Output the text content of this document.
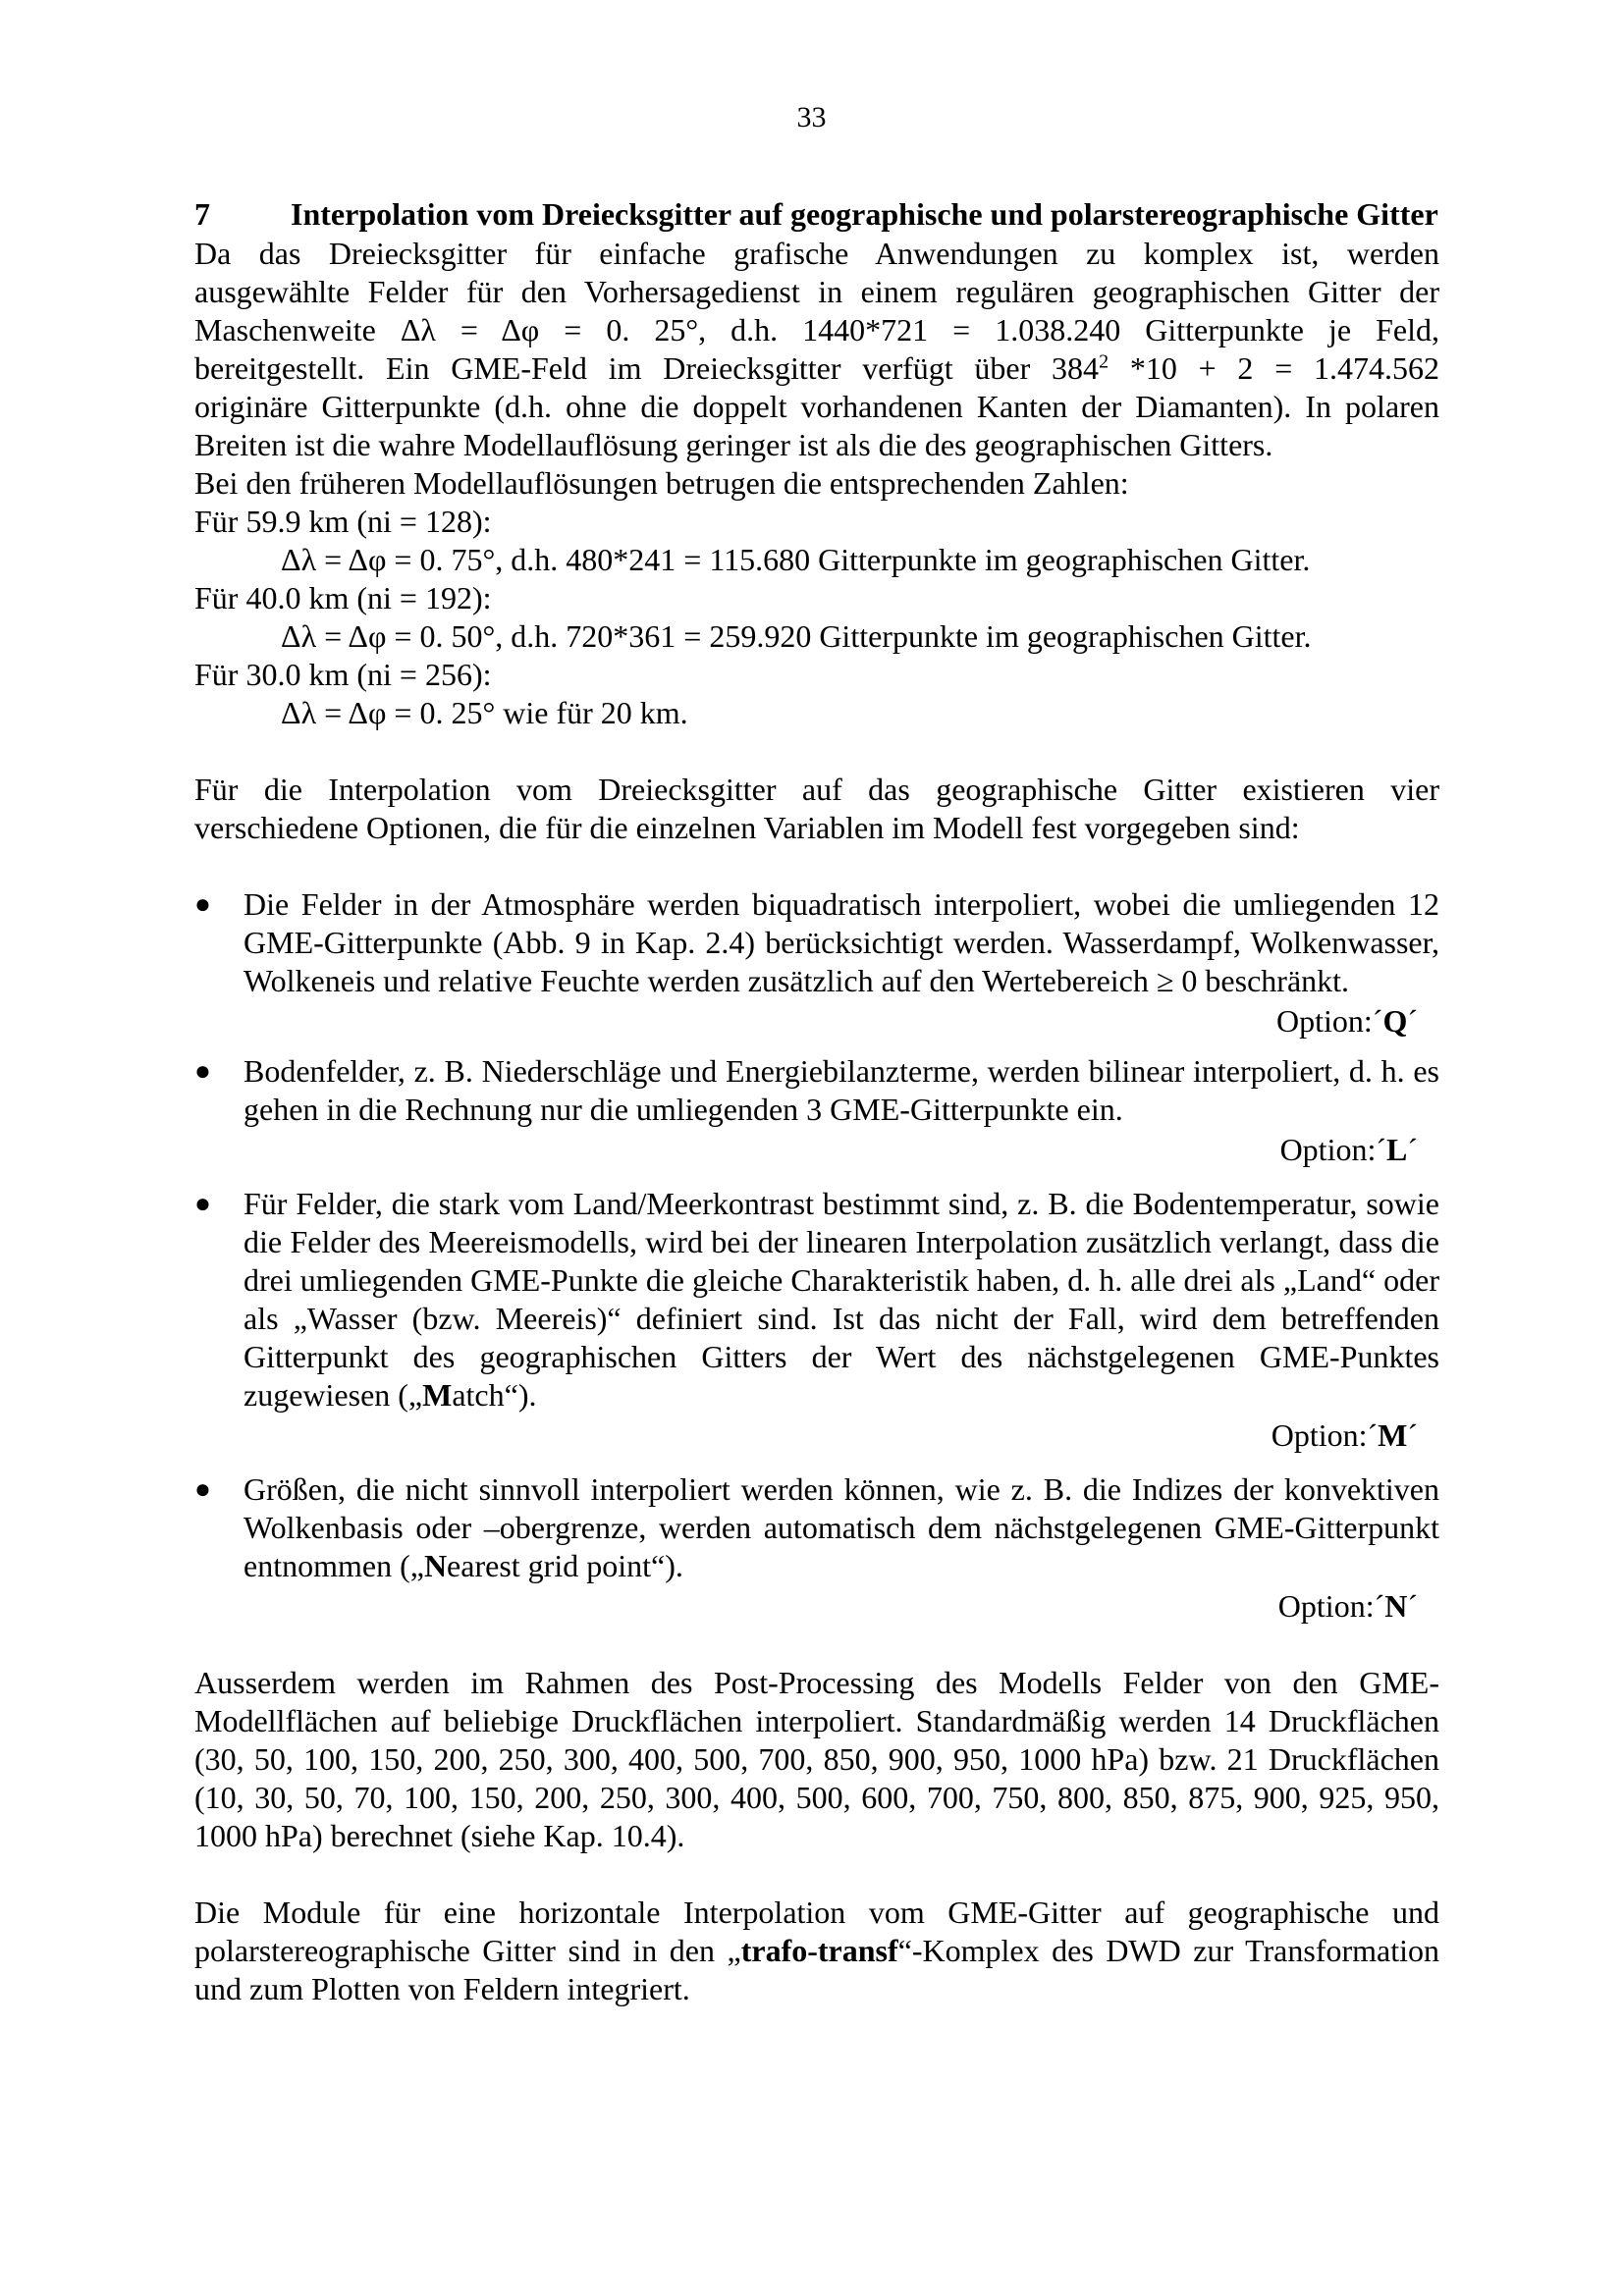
33
7	Interpolation vom Dreiecksgitter auf geographische und polarstereographische Gitter

Da das Dreiecksgitter für einfache grafische Anwendungen zu komplex ist, werden

ausgewählte Felder für den Vorhersagedienst in einem regulären geographischen Gitter der

Maschenweite Δλ = Δφ = 0. 25°, d.h. 1440*721 = 1.038.240 Gitterpunkte je Feld,

bereitgestellt. Ein GME-Feld im Dreiecksgitter verfügt über $384^2$ *10 + 2 = 1.474.562

originäre Gitterpunkte (d.h. ohne die doppelt vorhandenen Kanten der Diamanten). In polaren

Breiten ist die wahre Modellauflösung geringer ist als die des geographischen Gitters.

Bei den früheren Modellauflösungen betrugen die entsprechenden Zahlen:

Für 59.9 km (ni = 128):

Δλ = Δφ = 0. 75°, d.h. 480*241 = 115.680 Gitterpunkte im geographischen Gitter.

Für 40.0 km (ni = 192):

Δλ = Δφ = 0. 50°, d.h. 720*361 = 259.920 Gitterpunkte im geographischen Gitter.

Für 30.0 km (ni = 256):

Δλ = Δφ = 0. 25° wie für 20 km.

Für die Interpolation vom Dreiecksgitter auf das geographische Gitter existieren vier

verschiedene Optionen, die für die einzelnen Variablen im Modell fest vorgegeben sind:

●	Die Felder in der Atmosphäre werden biquadratisch interpoliert, wobei die umliegenden 12 GME-Gitterpunkte (Abb. 9 in Kap. 2.4) berücksichtigt werden. Wasserdampf, Wolkenwasser, Wolkeneis und relative Feuchte werden zusätzlich auf den Wertebereich ≥ 0 beschränkt.

Option:´Q´

●	Bodenfelder, z. B. Niederschläge und Energiebilanzterme, werden bilinear interpoliert, d. h. es gehen in die Rechnung nur die umliegenden 3 GME-Gitterpunkte ein.

Option:´L´

●	Für Felder, die stark vom Land/Meerkontrast bestimmt sind, z. B. die Bodentemperatur, sowie die Felder des Meereismodells, wird bei der linearen Interpolation zusätzlich verlangt, dass die drei umliegenden GME-Punkte die gleiche Charakteristik haben, d. h. alle drei als „Land“ oder als „Wasser (bzw. Meereis)“ definiert sind. Ist das nicht der Fall, wird dem betreffenden Gitterpunkt des geographischen Gitters der Wert des nächstgelegenen GME-Punktes zugewiesen („Match“).

Option:´M´

●	Größen, die nicht sinnvoll interpoliert werden können, wie z. B. die Indizes der konvektiven Wolkenbasis oder –obergrenze, werden automatisch dem nächstgelegenen GME-Gitterpunkt entnommen („Nearest grid point“).

Option:´N´

Ausserdem werden im Rahmen des Post-Processing des Modells Felder von den GME-Modellflächen auf beliebige Druckflächen interpoliert. Standardmäßig werden 14 Druckflächen (30, 50, 100, 150, 200, 250, 300, 400, 500, 700, 850, 900, 950, 1000 hPa) bzw. 21 Druckflächen (10, 30, 50, 70, 100, 150, 200, 250, 300, 400, 500, 600, 700, 750, 800, 850, 875, 900, 925, 950, 1000 hPa) berechnet (siehe Kap. 10.4).

Die Module für eine horizontale Interpolation vom GME-Gitter auf geographische und polarstereographische Gitter sind in den „trafo-transf“-Komplex des DWD zur Transformation und zum Plotten von Feldern integriert.
